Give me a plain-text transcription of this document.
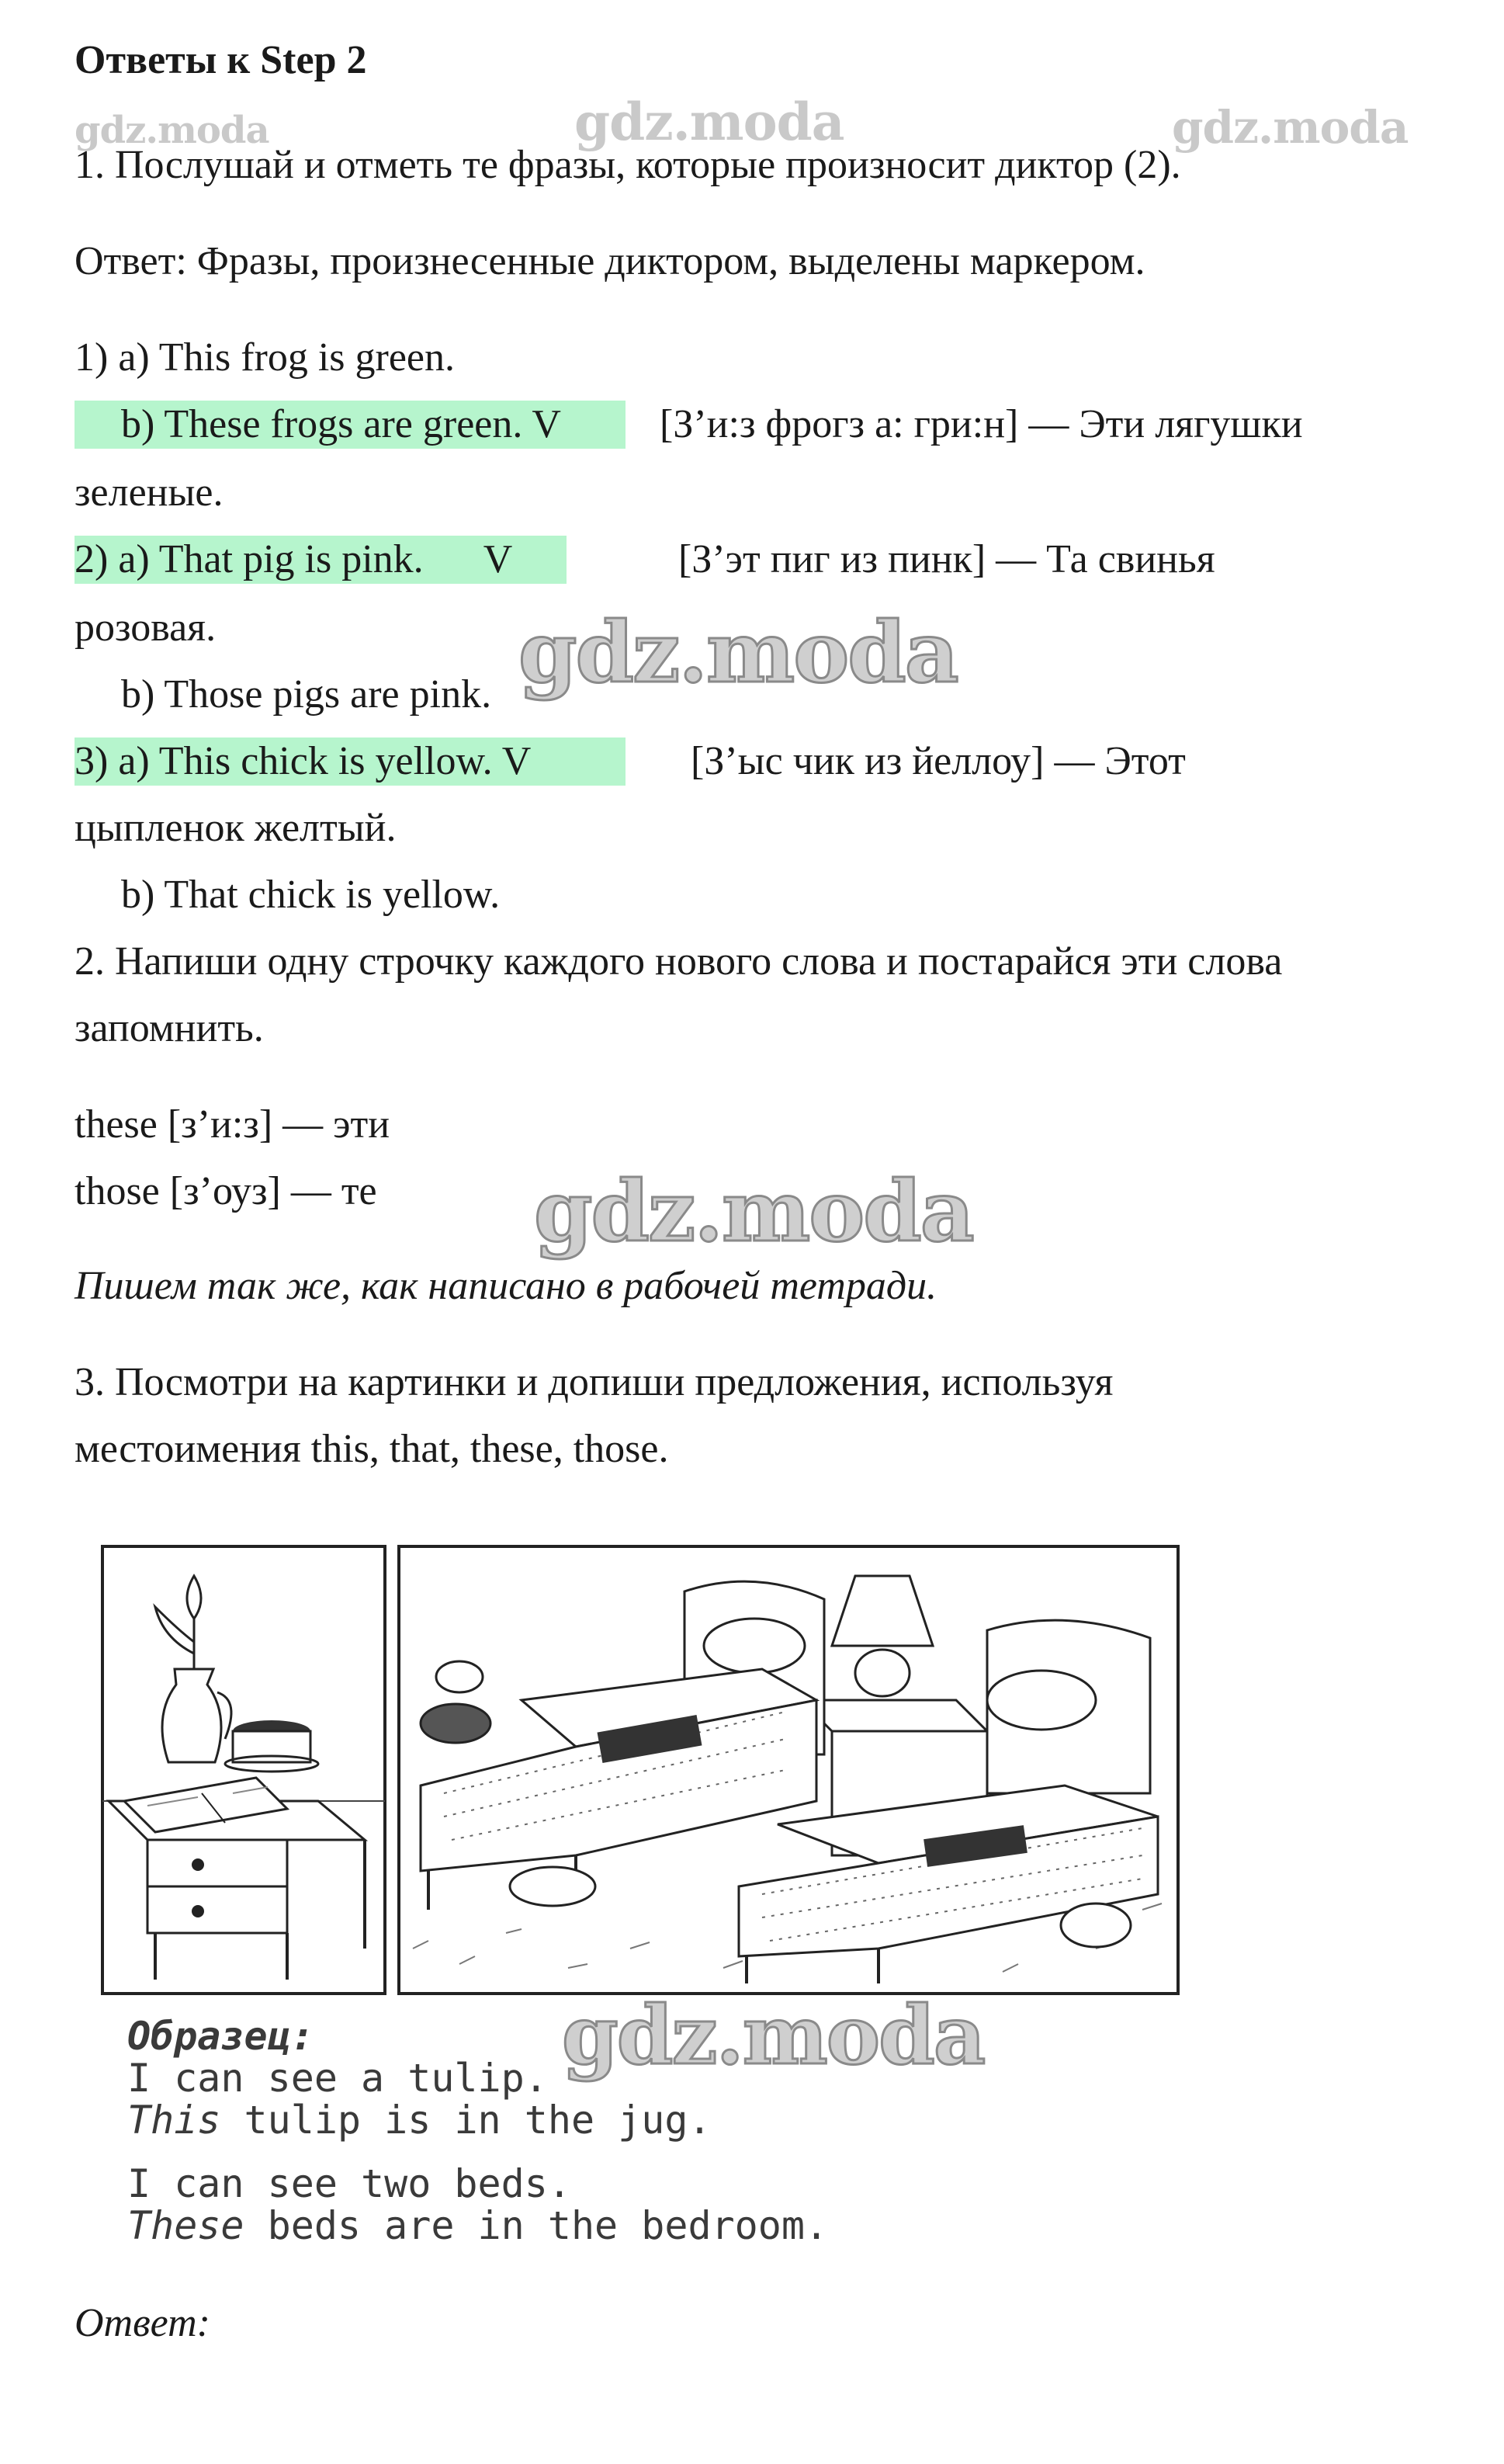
Ответы к Step 2
gdz.moda	gdz.moda	gdz.moda
1. Послушай и отметь те фразы, которые произносит диктор (2).
Ответ: Фразы, произнесенные диктором, выделены маркером.
1) a) This frog is green.
b) These frogs are green. V	[З’и:з фрогз а: гри:н] — Эти лягушки
зеленые.
2) a) That pig is pink.      V	[З’эт пиг из пинк] — Та свинья
розовая.
b) Those pigs are pink.
3) a) This chick is yellow. V	[З’ыс чик из йеллоу] — Этот
цыпленок желтый.
b) That chick is yellow.
gdz.moda
2. Напиши одну строчку каждого нового слова и постарайся эти слова
запомнить.
these [з’и:з] — эти
those [з’оуз] — те gdz.moda
Пишем так же, как написано в рабочей тетради.
3. Посмотри на картинки и допиши предложения, используя
местоимения this, that, these, those.
Образец:
I can see a tulip.
This tulip is in the jug.
I can see two beds.
These beds are in the bedroom.
gdz.moda
Ответ:
